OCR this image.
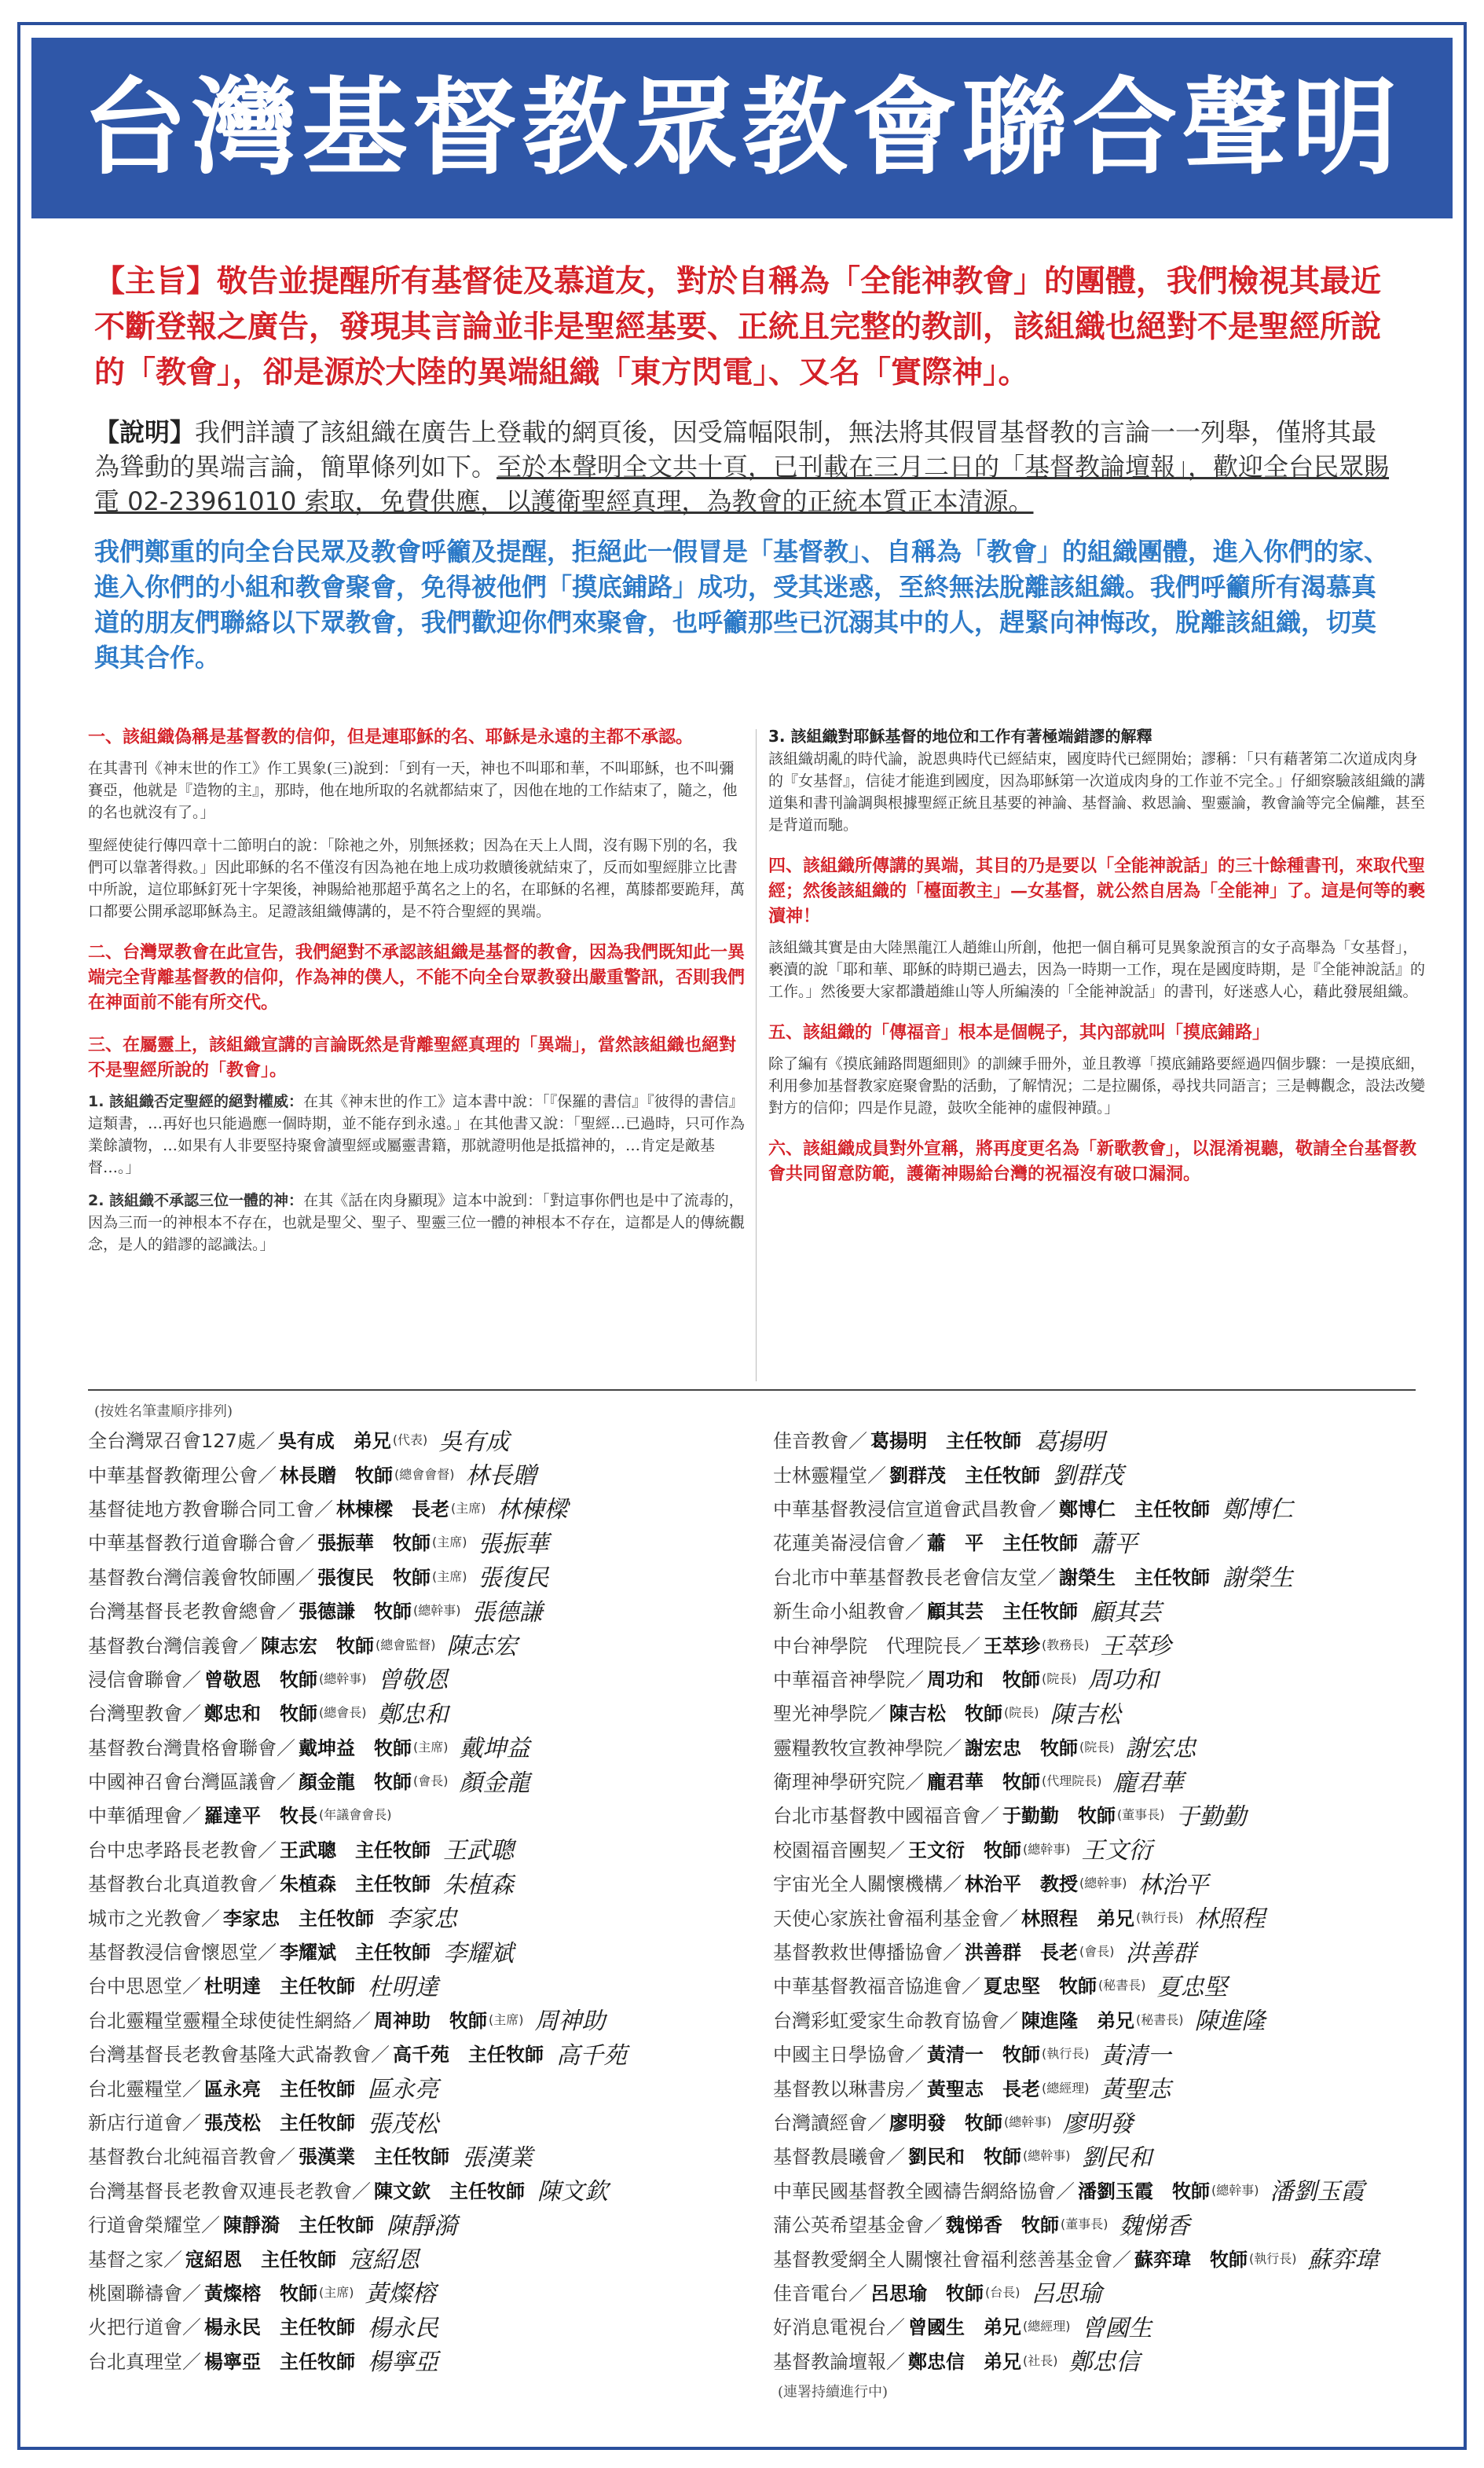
台灣基督教眾教會聯合聲明
【主旨】敬告並提醒所有基督徒及慕道友，對於自稱為「全能神教會」的團體，我們檢視其最近不斷登報之廣告，發現其言論並非是聖經基要、正統且完整的教訓，該組織也絕對不是聖經所說的「教會」，卻是源於大陸的異端組織「東方閃電」、又名「實際神」。
【說明】我們詳讀了該組織在廣告上登載的網頁後，因受篇幅限制，無法將其假冒基督教的言論一一列舉，僅將其最為聳動的異端言論，簡單條列如下。至於本聲明全文共十頁，已刊載在三月二日的「基督教論壇報」，歡迎全台民眾賜電 02-23961010 索取，免費供應，以護衛聖經真理，為教會的正統本質正本清源。
我們鄭重的向全台民眾及教會呼籲及提醒，拒絕此一假冒是「基督教」、自稱為「教會」的組織團體，進入你們的家、進入你們的小組和教會聚會，免得被他們「摸底鋪路」成功，受其迷惑，至終無法脫離該組織。我們呼籲所有渴慕真道的朋友們聯絡以下眾教會，我們歡迎你們來聚會，也呼籲那些已沉溺其中的人，趕緊向神悔改，脫離該組織，切莫與其合作。

一、該組織偽稱是基督教的信仰，但是連耶穌的名、耶穌是永遠的主都不承認。

在其書刊《神末世的作工》作工異象(三)說到：「到有一天，神也不叫耶和華，不叫耶穌，也不叫彌賽亞，他就是『造物的主』，那時，他在地所取的名就都結束了，因他在地的工作結束了，隨之，他的名也就沒有了。」

聖經使徒行傳四章十二節明白的說：「除祂之外，別無拯救；因為在天上人間，沒有賜下別的名，我們可以靠著得救。」因此耶穌的名不僅沒有因為祂在地上成功救贖後就結束了，反而如聖經腓立比書中所說，這位耶穌釘死十字架後，神賜給祂那超乎萬名之上的名，在耶穌的名裡，萬膝都要跪拜，萬口都要公開承認耶穌為主。足證該組織傳講的，是不符合聖經的異端。

二、台灣眾教會在此宣告，我們絕對不承認該組織是基督的教會，因為我們既知此一異端完全背離基督教的信仰，作為神的僕人，不能不向全台眾教發出嚴重警訊，否則我們在神面前不能有所交代。

三、在屬靈上，該組織宣講的言論既然是背離聖經真理的「異端」，當然該組織也絕對不是聖經所說的「教會」。

1. 該組織否定聖經的絕對權威：在其《神末世的作工》這本書中說：「『保羅的書信』『彼得的書信』這類書，…再好也只能過應一個時期，並不能存到永遠。」在其他書又說：「聖經…已過時，只可作為業餘讀物，…如果有人非要堅持聚會讀聖經或屬靈書籍，那就證明他是抵擋神的，…肯定是敵基督…。」

2. 該組織不承認三位一體的神：在其《話在肉身顯現》這本中說到：「對這事你們也是中了流毒的，因為三而一的神根本不存在，也就是聖父、聖子、聖靈三位一體的神根本不存在，這都是人的傳統觀念，是人的錯謬的認識法。」

3. 該組織對耶穌基督的地位和工作有著極端錯謬的解釋

該組織胡亂的時代論，說恩典時代已經結束，國度時代已經開始；謬稱：「只有藉著第二次道成肉身的『女基督』，信徒才能進到國度，因為耶穌第一次道成肉身的工作並不完全。」仔細察驗該組織的講道集和書刊論調與根據聖經正統且基要的神論、基督論、救恩論、聖靈論，教會論等完全偏離，甚至是背道而馳。

四、該組織所傳講的異端，其目的乃是要以「全能神說話」的三十餘種書刊，來取代聖經；然後該組織的「檯面教主」—女基督，就公然自居為「全能神」了。這是何等的褻瀆神！

該組織其實是由大陸黑龍江人趙維山所創，他把一個自稱可見異象說預言的女子高舉為「女基督」，褻瀆的說「耶和華、耶穌的時期已過去，因為一時期一工作，現在是國度時期，是『全能神說話』的工作。」然後要大家都讚趙維山等人所編湊的「全能神說話」的書刊，好迷惑人心，藉此發展組織。

五、該組織的「傳福音」根本是個幌子，其內部就叫「摸底鋪路」

除了編有《摸底鋪路問題細則》的訓練手冊外，並且教導「摸底鋪路要經過四個步驟：一是摸底細，利用參加基督教家庭聚會點的活動，了解情況；二是拉關係，尋找共同語言；三是轉觀念，設法改變對方的信仰；四是作見證，鼓吹全能神的虛假神蹟。」

六、該組織成員對外宣稱，將再度更名為「新歌教會」，以混淆視聽，敬請全台基督教會共同留意防範，護衛神賜給台灣的祝福沒有破口漏洞。

(按姓名筆畫順序排列)
全台灣眾召會127處／ 吳有成　弟兄 (代表) 吳有成
中華基督教衛理公會／ 林長贈　牧師 (總會會督) 林長贈
基督徒地方教會聯合同工會／ 林棟樑　長老 (主席) 林棟樑
中華基督教行道會聯合會／ 張振華　牧師 (主席) 張振華
基督教台灣信義會牧師團／ 張復民　牧師 (主席) 張復民
台灣基督長老教會總會／ 張德謙　牧師 (總幹事) 張德謙
基督教台灣信義會／ 陳志宏　牧師 (總會監督) 陳志宏
浸信會聯會／ 曾敬恩　牧師 (總幹事) 曾敬恩
台灣聖教會／ 鄭忠和　牧師 (總會長) 鄭忠和
基督教台灣貴格會聯會／ 戴坤益　牧師 (主席) 戴坤益
中國神召會台灣區議會／ 顏金龍　牧師 (會長) 顏金龍
中華循理會／ 羅達平　牧長 (年議會會長)
台中忠孝路長老教會／ 王武聰　主任牧師 王武聰
基督教台北真道教會／ 朱植森　主任牧師 朱植森
城市之光教會／ 李家忠　主任牧師 李家忠
基督教浸信會懷恩堂／ 李耀斌　主任牧師 李耀斌
台中思恩堂／ 杜明達　主任牧師 杜明達
台北靈糧堂靈糧全球使徒性網絡／ 周神助　牧師 (主席) 周神助
台灣基督長老教會基隆大武崙教會／ 高千苑　主任牧師 高千苑
台北靈糧堂／ 區永亮　主任牧師 區永亮
新店行道會／ 張茂松　主任牧師 張茂松
基督教台北純福音教會／ 張漢業　主任牧師 張漢業
台灣基督長老教會双連長老教會／ 陳文欽　主任牧師 陳文欽
行道會榮耀堂／ 陳靜漪　主任牧師 陳靜漪
基督之家／ 寇紹恩　主任牧師 寇紹恩
桃園聯禱會／ 黃燦榕　牧師 (主席) 黃燦榕
火把行道會／ 楊永民　主任牧師 楊永民
台北真理堂／ 楊寧亞　主任牧師 楊寧亞
佳音教會／ 葛揚明　主任牧師 葛揚明
士林靈糧堂／ 劉群茂　主任牧師 劉群茂
中華基督教浸信宣道會武昌教會／ 鄭博仁　主任牧師 鄭博仁
花蓮美崙浸信會／ 蕭　平　主任牧師 蕭平
台北市中華基督教長老會信友堂／ 謝榮生　主任牧師 謝榮生
新生命小組教會／ 顧其芸　主任牧師 顧其芸
中台神學院　代理院長／ 王萃珍 (教務長) 王萃珍
中華福音神學院／ 周功和　牧師 (院長) 周功和
聖光神學院／ 陳吉松　牧師 (院長) 陳吉松
靈糧教牧宣教神學院／ 謝宏忠　牧師 (院長) 謝宏忠
衛理神學研究院／ 龐君華　牧師 (代理院長) 龐君華
台北市基督教中國福音會／ 于勤勤　牧師 (董事長) 于勤勤
校園福音團契／ 王文衍　牧師 (總幹事) 王文衍
宇宙光全人關懷機構／ 林治平　教授 (總幹事) 林治平
天使心家族社會福利基金會／ 林照程　弟兄 (執行長) 林照程
基督教救世傳播協會／ 洪善群　長老 (會長) 洪善群
中華基督教福音協進會／ 夏忠堅　牧師 (秘書長) 夏忠堅
台灣彩虹愛家生命教育協會／ 陳進隆　弟兄 (秘書長) 陳進隆
中國主日學協會／ 黃清一　牧師 (執行長) 黃清一
基督教以琳書房／ 黃聖志　長老 (總經理) 黃聖志
台灣讀經會／ 廖明發　牧師 (總幹事) 廖明發
基督教晨曦會／ 劉民和　牧師 (總幹事) 劉民和
中華民國基督教全國禱告網絡協會／ 潘劉玉霞　牧師 (總幹事) 潘劉玉霞
蒲公英希望基金會／ 魏悌香　牧師 (董事長) 魏悌香
基督教愛網全人關懷社會福利慈善基金會／ 蘇弈瑋　牧師 (執行長) 蘇弈瑋
佳音電台／ 呂思瑜　牧師 (台長) 呂思瑜
好消息電視台／ 曾國生　弟兄 (總經理) 曾國生
基督教論壇報／ 鄭忠信　弟兄 (社長) 鄭忠信
(連署持續進行中)
